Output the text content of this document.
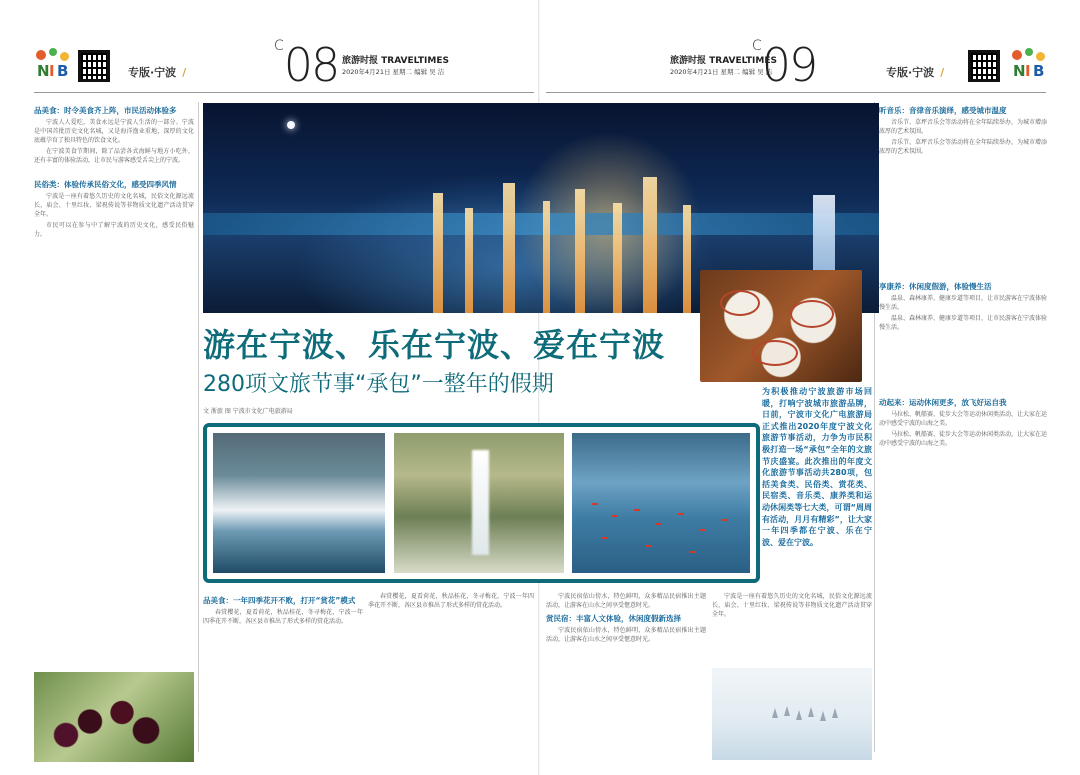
N I B	专版·宁波 /
$^C$08 旅游时报 TRAVELTIMES
2020年4月21日 星期二 编辑 吴 洁
品美食：时令美食齐上阵，市民活动体验多

宁波人人爱吃，美食永远是宁波人生活的一部分。宁波是中国首批历史文化名城，又是海洋渔业重地，深厚的文化底蕴孕育了独具特色的饮食文化。

在宁波美食节期间，除了品尝各式海鲜与地方小吃外，还有丰富的体验活动，让市民与游客感受舌尖上的宁波。

民俗类：体验传承民俗文化，感受四季风情

宁波是一座有着悠久历史的文化名城，民俗文化源远流长，庙会、十里红妆、梁祝传说等非物质文化遗产活动贯穿全年。

市民可以在参与中了解宁波的历史文化，感受民俗魅力。

品美食：一年四季花开不败，打开“赏花”模式

春赏樱花，夏看荷花，秋品桂花，冬寻梅花，宁波一年四季花开不断，各区县市推出了形式多样的赏花活动。

春赏樱花，夏看荷花，秋品桂花，冬寻梅花，宁波一年四季花开不断，各区县市推出了形式多样的赏花活动。

N I B
专版·宁波 /
旅游时报 TRAVELTIMES
2020年4月21日 星期二 编辑 吴 洁
$^C$09
听音乐：音律音乐演绎，感受城市温度

音乐节、草坪音乐会等活动将在全年陆续举办，为城市增添浓厚的艺术氛围。

音乐节、草坪音乐会等活动将在全年陆续举办，为城市增添浓厚的艺术氛围。

享康养：休闲度假游，体验慢生活

温泉、森林康养、健康步道等项目，让市民游客在宁波体验慢生活。

温泉、森林康养、健康步道等项目，让市民游客在宁波体验慢生活。

动起来：运动休闲更多，放飞好运自我

马拉松、帆船赛、徒步大会等运动休闲类活动，让大家在运动中感受宁波的山海之美。

马拉松、帆船赛、徒步大会等运动休闲类活动，让大家在运动中感受宁波的山海之美。

宁波民宿依山傍水，特色鲜明，众多精品民宿推出主题活动，让游客在山水之间享受惬意时光。

赏民宿：丰富人文体验，休闲度假新选择

宁波民宿依山傍水，特色鲜明，众多精品民宿推出主题活动，让游客在山水之间享受惬意时光。

宁波是一座有着悠久历史的文化名城，民俗文化源远流长，庙会、十里红妆、梁祝传说等非物质文化遗产活动贯穿全年。

游在宁波、乐在宁波、爱在宁波
280项文旅节事“承包”一整年的假期
文 浙旅 图 宁波市文化广电旅游局
为积极推动宁波旅游市场回暖，打响宁波城市旅游品牌，日前，宁波市文化广电旅游局正式推出2020年度宁波文化旅游节事活动，力争为市民积极打造一场“承包”全年的文旅节庆盛宴。此次推出的年度文化旅游节事活动共280项，包括美食类、民俗类、赏花类、民宿类、音乐类、康养类和运动休闲类等七大类，可谓“周周有活动，月月有精彩”，让大家一年四季都在宁波、乐在宁波、爱在宁波。
